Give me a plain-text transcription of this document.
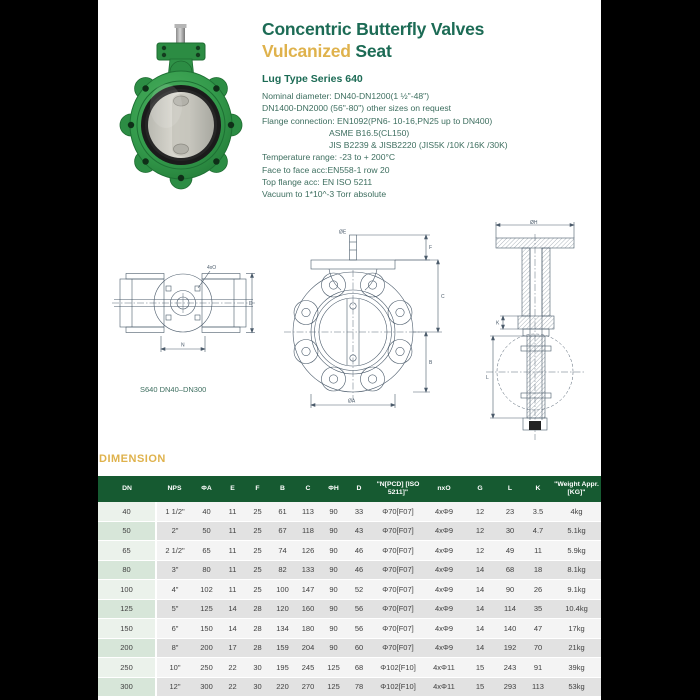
Concentric Butterfly Valves
Vulcanized Seat
Lug Type Series 640
Nominal diameter: DN40-DN1200(1 ½"-48")
DN1400-DN2000 (56"-80") other sizes on request
Flange connection: EN1092(PN6- 10-16,PN25 up to DN400)
ASME B16.5(CL150)
JIS B2239 & JISB2220 (JIS5K /10K /16K /30K)
Temperature range: -23 to + 200°C
Face to face acc:EN558-1 row 20
Top flange acc: EN ISO 5211
Vacuum to 1*10^-3 Torr absolute
4xO
N
D
S640 DN40–DN300
ØE
F
C
B
ØA
ØH
K
L
DIMENSION
DN	NPS	ΦA	E	F	B	C	ΦH	D	"N[PCD] [ISO 5211]"	nxO	G	L	K	"Weight Appr.[KG]"
40	1 1/2"	40	11	25	61	113	90	33	Φ70[F07]	4xΦ9	12	23	3.5	4kg
50	2"	50	11	25	67	118	90	43	Φ70[F07]	4xΦ9	12	30	4.7	5.1kg
65	2 1/2"	65	11	25	74	126	90	46	Φ70[F07]	4xΦ9	12	49	11	5.9kg
80	3"	80	11	25	82	133	90	46	Φ70[F07]	4xΦ9	14	68	18	8.1kg
100	4"	102	11	25	100	147	90	52	Φ70[F07]	4xΦ9	14	90	26	9.1kg
125	5"	125	14	28	120	160	90	56	Φ70[F07]	4xΦ9	14	114	35	10.4kg
150	6"	150	14	28	134	180	90	56	Φ70[F07]	4xΦ9	14	140	47	17kg
200	8"	200	17	28	159	204	90	60	Φ70[F07]	4xΦ9	14	192	70	21kg
250	10"	250	22	30	195	245	125	68	Φ102[F10]	4xΦ11	15	243	91	39kg
300	12"	300	22	30	220	270	125	78	Φ102[F10]	4xΦ11	15	293	113	53kg
